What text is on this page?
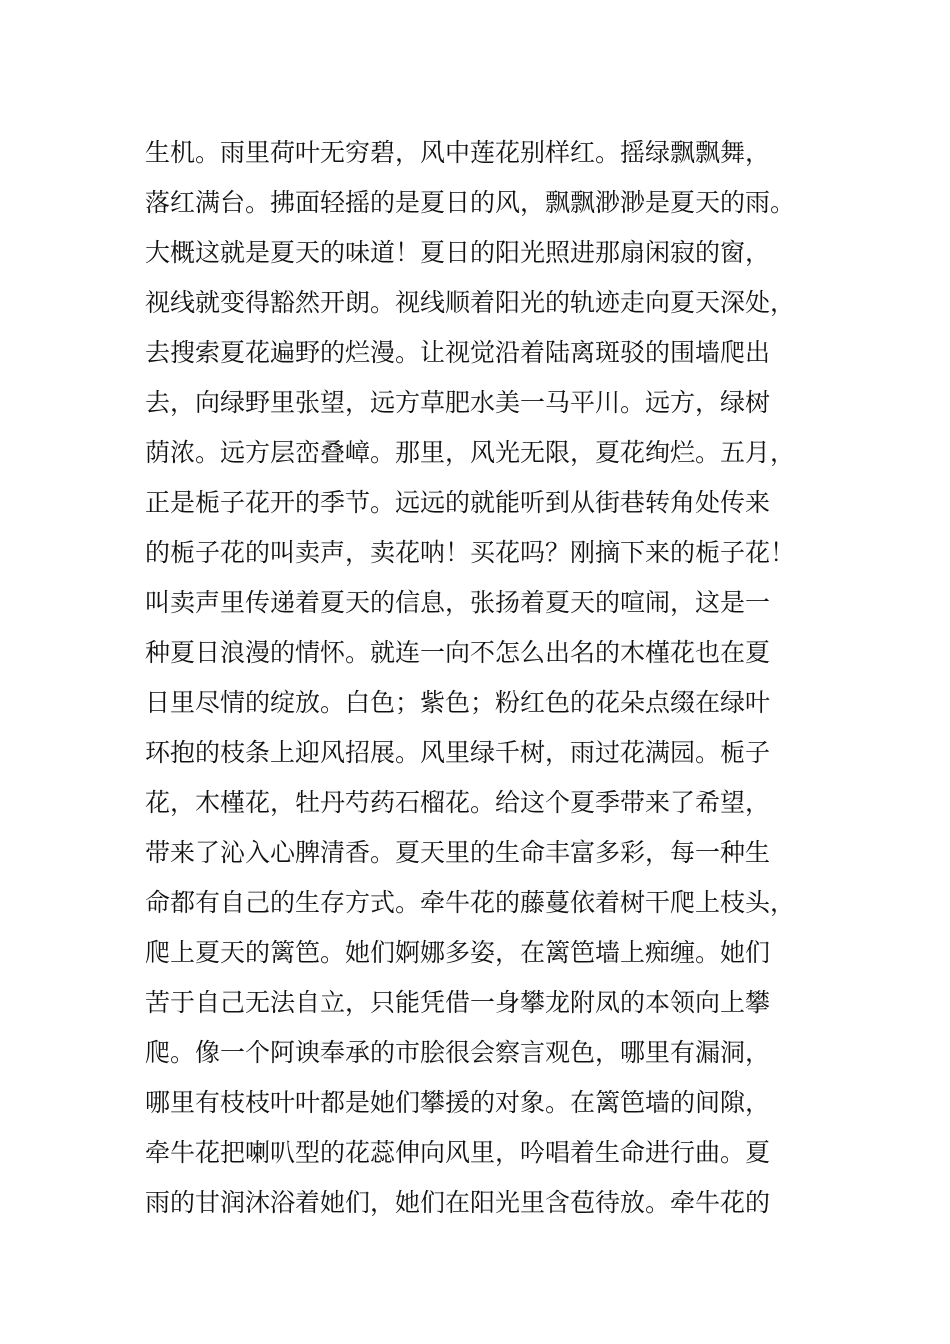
生机。雨里荷叶无穷碧，风中莲花别样红。摇绿飘飘舞，
落红满台。拂面轻摇的是夏日的风，飘飘渺渺是夏天的雨。
大概这就是夏天的味道！夏日的阳光照进那扇闲寂的窗，
视线就变得豁然开朗。视线顺着阳光的轨迹走向夏天深处，
去搜索夏花遍野的烂漫。让视觉沿着陆离斑驳的围墙爬出
去，向绿野里张望，远方草肥水美一马平川。远方，绿树
荫浓。远方层峦叠嶂。那里，风光无限，夏花绚烂。五月，
正是栀子花开的季节。远远的就能听到从街巷转角处传来
的栀子花的叫卖声，卖花呐！买花吗？刚摘下来的栀子花！
叫卖声里传递着夏天的信息，张扬着夏天的喧闹，这是一
种夏日浪漫的情怀。就连一向不怎么出名的木槿花也在夏
日里尽情的绽放。白色；紫色；粉红色的花朵点缀在绿叶
环抱的枝条上迎风招展。风里绿千树，雨过花满园。栀子
花，木槿花，牡丹芍药石榴花。给这个夏季带来了希望，
带来了沁入心脾清香。夏天里的生命丰富多彩，每一种生
命都有自己的生存方式。牵牛花的藤蔓依着树干爬上枝头，
爬上夏天的篱笆。她们婀娜多姿，在篱笆墙上痴缠。她们
苦于自己无法自立，只能凭借一身攀龙附凤的本领向上攀
爬。像一个阿谀奉承的市脍很会察言观色，哪里有漏洞，
哪里有枝枝叶叶都是她们攀援的对象。在篱笆墙的间隙，
牵牛花把喇叭型的花蕊伸向风里，吟唱着生命进行曲。夏
雨的甘润沐浴着她们，她们在阳光里含苞待放。牵牛花的
